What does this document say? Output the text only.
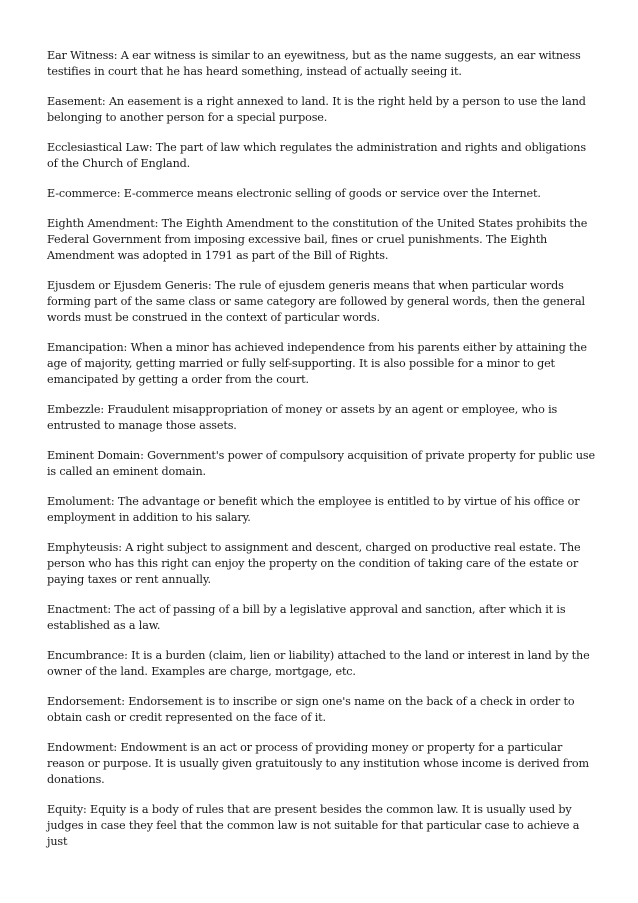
Ear Witness: A ear witness is similar to an eyewitness, but as the name suggests, an ear witness testifies in court that he has heard something, instead of actually seeing it.

Easement: An easement is a right annexed to land. It is the right held by a person to use the land belonging to another person for a special purpose.

Ecclesiastical Law: The part of law which regulates the administration and rights and obligations of the Church of England.

E-commerce: E-commerce means electronic selling of goods or service over the Internet.

Eighth Amendment: The Eighth Amendment to the constitution of the United States prohibits the Federal Government from imposing excessive bail, fines or cruel punishments. The Eighth Amendment was adopted in 1791 as part of the Bill of Rights.

Ejusdem or Ejusdem Generis: The rule of ejusdem generis means that when particular words forming part of the same class or same category are followed by general words, then the general words must be construed in the context of particular words.

Emancipation: When a minor has achieved independence from his parents either by attaining the age of majority, getting married or fully self-supporting. It is also possible for a minor to get emancipated by getting a order from the court.

Embezzle: Fraudulent misappropriation of money or assets by an agent or employee, who is entrusted to manage those assets.

Eminent Domain: Government's power of compulsory acquisition of private property for public use is called an eminent domain.

Emolument: The advantage or benefit which the employee is entitled to by virtue of his office or employment in addition to his salary.

Emphyteusis: A right subject to assignment and descent, charged on productive real estate. The person who has this right can enjoy the property on the condition of taking care of the estate or paying taxes or rent annually.

Enactment: The act of passing of a bill by a legislative approval and sanction, after which it is established as a law.

Encumbrance: It is a burden (claim, lien or liability) attached to the land or interest in land by the owner of the land. Examples are charge, mortgage, etc.

Endorsement: Endorsement is to inscribe or sign one's name on the back of a check in order to obtain cash or credit represented on the face of it.

Endowment: Endowment is an act or process of providing money or property for a particular reason or purpose. It is usually given gratuitously to any institution whose income is derived from donations.

Equity: Equity is a body of rules that are present besides the common law. It is usually used by judges in case they feel that the common law is not suitable for that particular case to achieve a just
